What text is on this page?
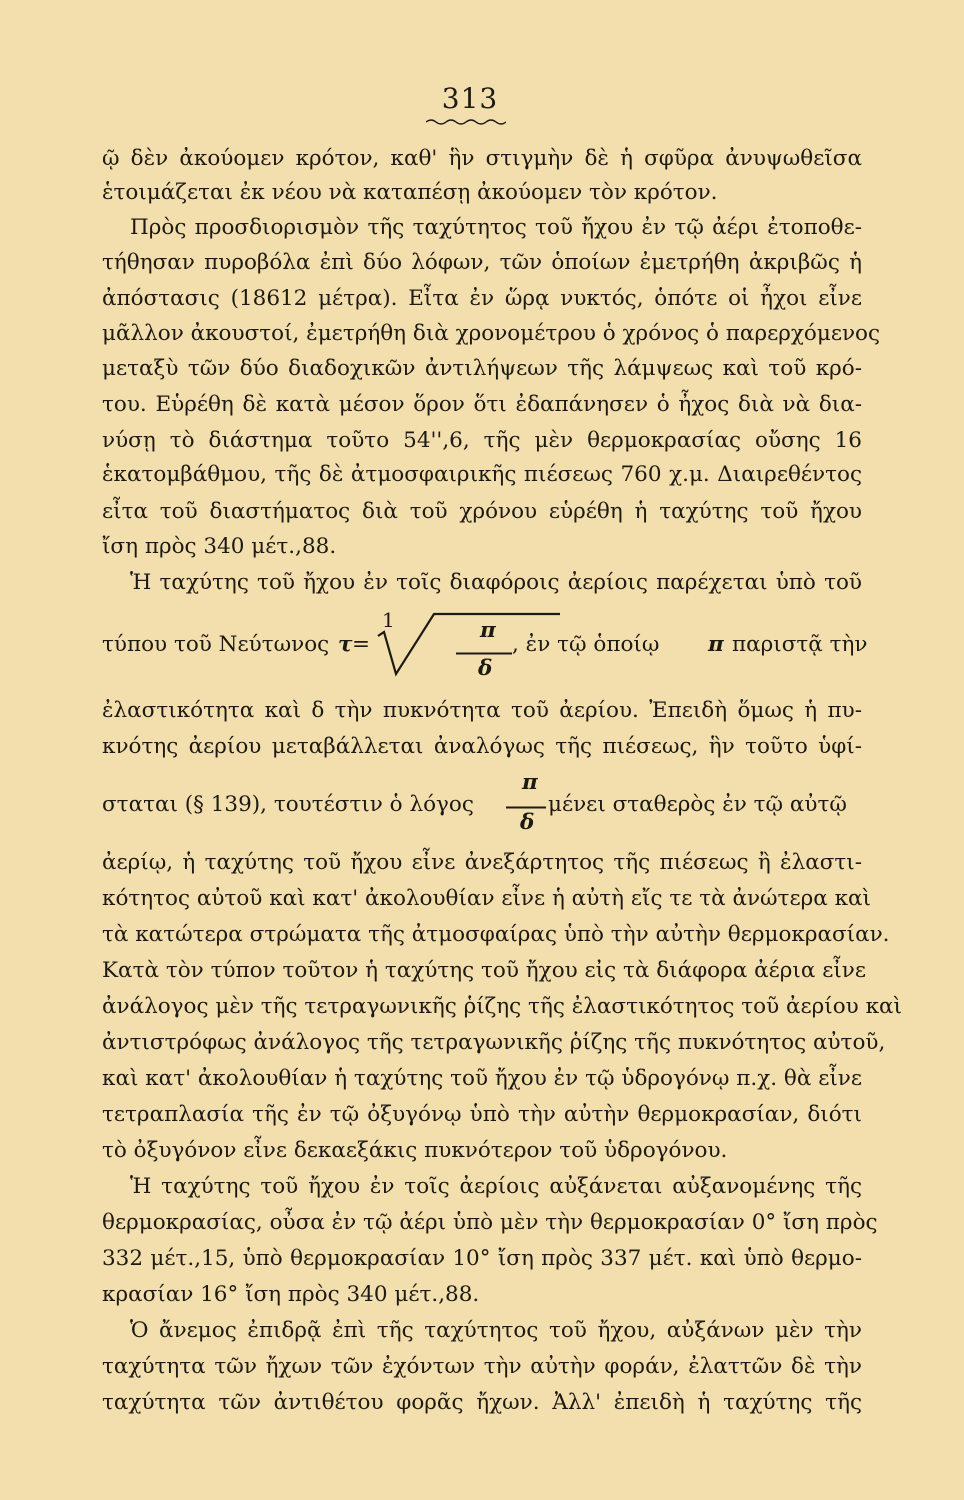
313
ῷ δὲν ἀκούομεν κρότον, καθ' ἣν στιγμὴν δὲ ἡ σφῦρα ἀνυψωθεῖσα
ἑτοιμάζεται ἐκ νέου νὰ καταπέσῃ ἀκούομεν τὸν κρότον.
Πρὸς προσδιορισμὸν τῆς ταχύτητος τοῦ ἤχου ἐν τῷ ἀέρι ἐτοποθε-
τήθησαν πυροβόλα ἐπὶ δύο λόφων, τῶν ὁποίων ἐμετρήθη ἀκριβῶς ἡ
ἀπόστασις (18612 μέτρα). Εἶτα ἐν ὥρᾳ νυκτός, ὁπότε οἱ ἦχοι εἶνε
μᾶλλον ἀκουστοί, ἐμετρήθη διὰ χρονομέτρου ὁ χρόνος ὁ παρερχόμενος
μεταξὺ τῶν δύο διαδοχικῶν ἀντιλήψεων τῆς λάμψεως καὶ τοῦ κρό-
του. Εὑρέθη δὲ κατὰ μέσον ὅρον ὅτι ἐδαπάνησεν ὁ ἦχος διὰ νὰ δια-
νύσῃ τὸ διάστημα τοῦτο 54'',6, τῆς μὲν θερμοκρασίας οὔσης 16
ἑκατομβάθμου, τῆς δὲ ἀτμοσφαιρικῆς πιέσεως 760 χ.μ. Διαιρεθέντος
εἶτα τοῦ διαστήματος διὰ τοῦ χρόνου εὑρέθη ἡ ταχύτης τοῦ ἤχου
ἴση πρὸς 340 μέτ.,88.
Ἡ ταχύτης τοῦ ἤχου ἐν τοῖς διαφόροις ἀερίοις παρέχεται ὑπὸ τοῦ
τύπου τοῦ Νεύτωνος τ =
1	π
δ
, ἐν τῷ ὁποίῳ π παριστᾷ τὴν
ἐλαστικότητα καὶ δ τὴν πυκνότητα τοῦ ἀερίου. Ἐπειδὴ ὅμως ἡ πυ-
κνότης ἀερίου μεταβάλλεται ἀναλόγως τῆς πιέσεως, ἣν τοῦτο ὑφί-
σταται (§ 139), τουτέστιν ὁ λόγος
π
δ
μένει σταθερὸς ἐν τῷ αὐτῷ
ἀερίῳ, ἡ ταχύτης τοῦ ἤχου εἶνε ἀνεξάρτητος τῆς πιέσεως ἢ ἐλαστι-
κότητος αὐτοῦ καὶ κατ' ἀκολουθίαν εἶνε ἡ αὐτὴ εἴς τε τὰ ἀνώτερα καὶ
τὰ κατώτερα στρώματα τῆς ἀτμοσφαίρας ὑπὸ τὴν αὐτὴν θερμοκρασίαν.
Κατὰ τὸν τύπον τοῦτον ἡ ταχύτης τοῦ ἤχου εἰς τὰ διάφορα ἀέρια εἶνε
ἀνάλογος μὲν τῆς τετραγωνικῆς ῥίζης τῆς ἐλαστικότητος τοῦ ἀερίου καὶ
ἀντιστρόφως ἀνάλογος τῆς τετραγωνικῆς ῥίζης τῆς πυκνότητος αὐτοῦ,
καὶ κατ' ἀκολουθίαν ἡ ταχύτης τοῦ ἤχου ἐν τῷ ὑδρογόνῳ π.χ. θὰ εἶνε
τετραπλασία τῆς ἐν τῷ ὀξυγόνῳ ὑπὸ τὴν αὐτὴν θερμοκρασίαν, διότι
τὸ ὀξυγόνον εἶνε δεκαεξάκις πυκνότερον τοῦ ὑδρογόνου.
Ἡ ταχύτης τοῦ ἤχου ἐν τοῖς ἀερίοις αὐξάνεται αὐξανομένης τῆς
θερμοκρασίας, οὖσα ἐν τῷ ἀέρι ὑπὸ μὲν τὴν θερμοκρασίαν 0° ἴση πρὸς
332 μέτ.,15, ὑπὸ θερμοκρασίαν 10° ἴση πρὸς 337 μέτ. καὶ ὑπὸ θερμο-
κρασίαν 16° ἴση πρὸς 340 μέτ.,88.
Ὁ ἄνεμος ἐπιδρᾷ ἐπὶ τῆς ταχύτητος τοῦ ἤχου, αὐξάνων μὲν τὴν
ταχύτητα τῶν ἤχων τῶν ἐχόντων τὴν αὐτὴν φοράν, ἐλαττῶν δὲ τὴν
ταχύτητα τῶν ἀντιθέτου φορᾶς ἤχων. Ἀλλ' ἐπειδὴ ἡ ταχύτης τῆς
